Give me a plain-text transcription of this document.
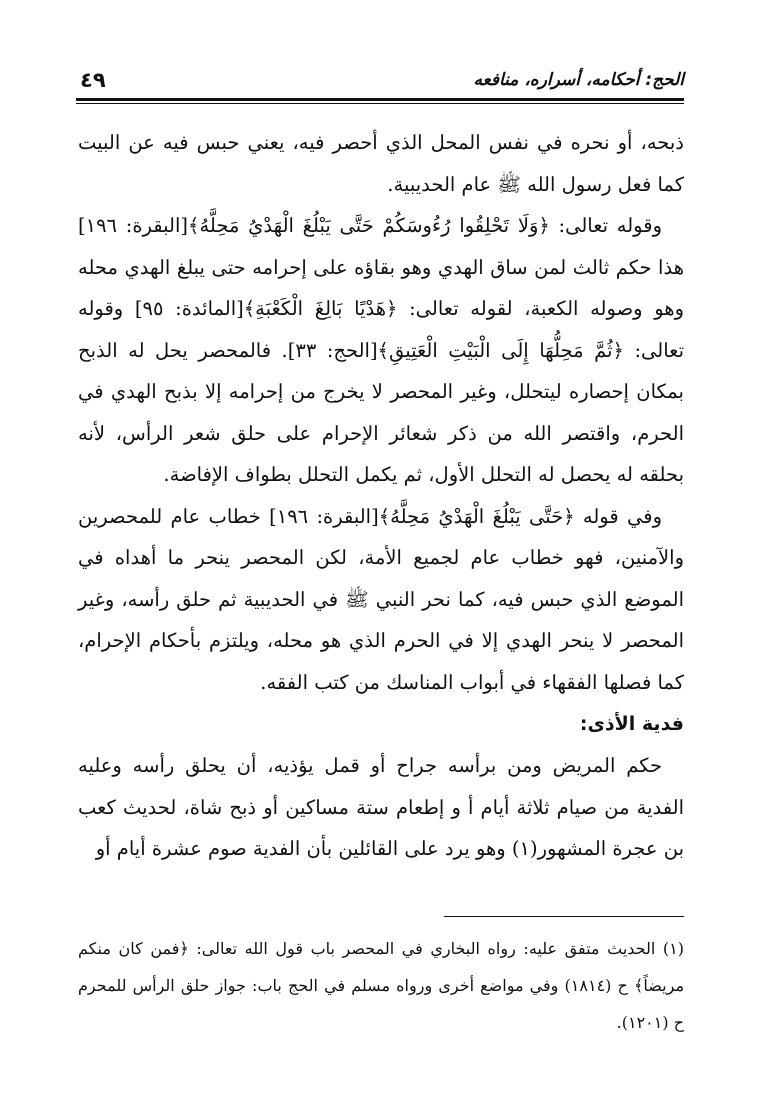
الحج: أحكامه، أسراره، منافعه
٤٩

ذبحه، أو نحره في نفس المحل الذي أحصر فيه، يعني حبس فيه عن البيت كما فعل رسول الله ﷺ عام الحديبية.

وقوله تعالى: ﴿وَلَا تَحْلِقُوا رُءُوسَكُمْ حَتَّى يَبْلُغَ الْهَدْيُ مَحِلَّهُ﴾[البقرة: ١٩٦] هذا حكم ثالث لمن ساق الهدي وهو بقاؤه على إحرامه حتى يبلغ الهدي محله وهو وصوله الكعبة، لقوله تعالى: ﴿هَدْيًا بَالِغَ الْكَعْبَةِ﴾[المائدة: ٩٥] وقوله تعالى: ﴿ثُمَّ مَحِلُّهَا إِلَى الْبَيْتِ الْعَتِيقِ﴾[الحج: ٣٣]. فالمحصر يحل له الذبح بمكان إحصاره ليتحلل، وغير المحصر لا يخرج من إحرامه إلا بذبح الهدي في الحرم، واقتصر الله من ذكر شعائر الإحرام على حلق شعر الرأس، لأنه بحلقه له يحصل له التحلل الأول، ثم يكمل التحلل بطواف الإفاضة.

وفي قوله ﴿حَتَّى يَبْلُغَ الْهَدْيُ مَحِلَّهُ﴾[البقرة: ١٩٦] خطاب عام للمحصرين والآمنين، فهو خطاب عام لجميع الأمة، لكن المحصر ينحر ما أهداه في الموضع الذي حبس فيه، كما نحر النبي ﷺ في الحديبية ثم حلق رأسه، وغير المحصر لا ينحر الهدي إلا في الحرم الذي هو محله، ويلتزم بأحكام الإحرام، كما فصلها الفقهاء في أبواب المناسك من كتب الفقه.

فدية الأذى:

حكم المريض ومن برأسه جراح أو قمل يؤذيه، أن يحلق رأسه وعليه الفدية من صيام ثلاثة أيام أ و إطعام ستة مساكين أو ذبح شاة، لحديث كعب بن عجرة المشهور(١) وهو يرد على القائلين بأن الفدية صوم عشرة أيام أو

(١) الحديث متفق عليه: رواه البخاري في المحصر باب قول الله تعالى: ﴿فمن كان منكم مريضاً﴾ ح (١٨١٤) وفي مواضع أخرى ورواه مسلم في الحج باب: جواز حلق الرأس للمحرم ح (١٢٠١).
